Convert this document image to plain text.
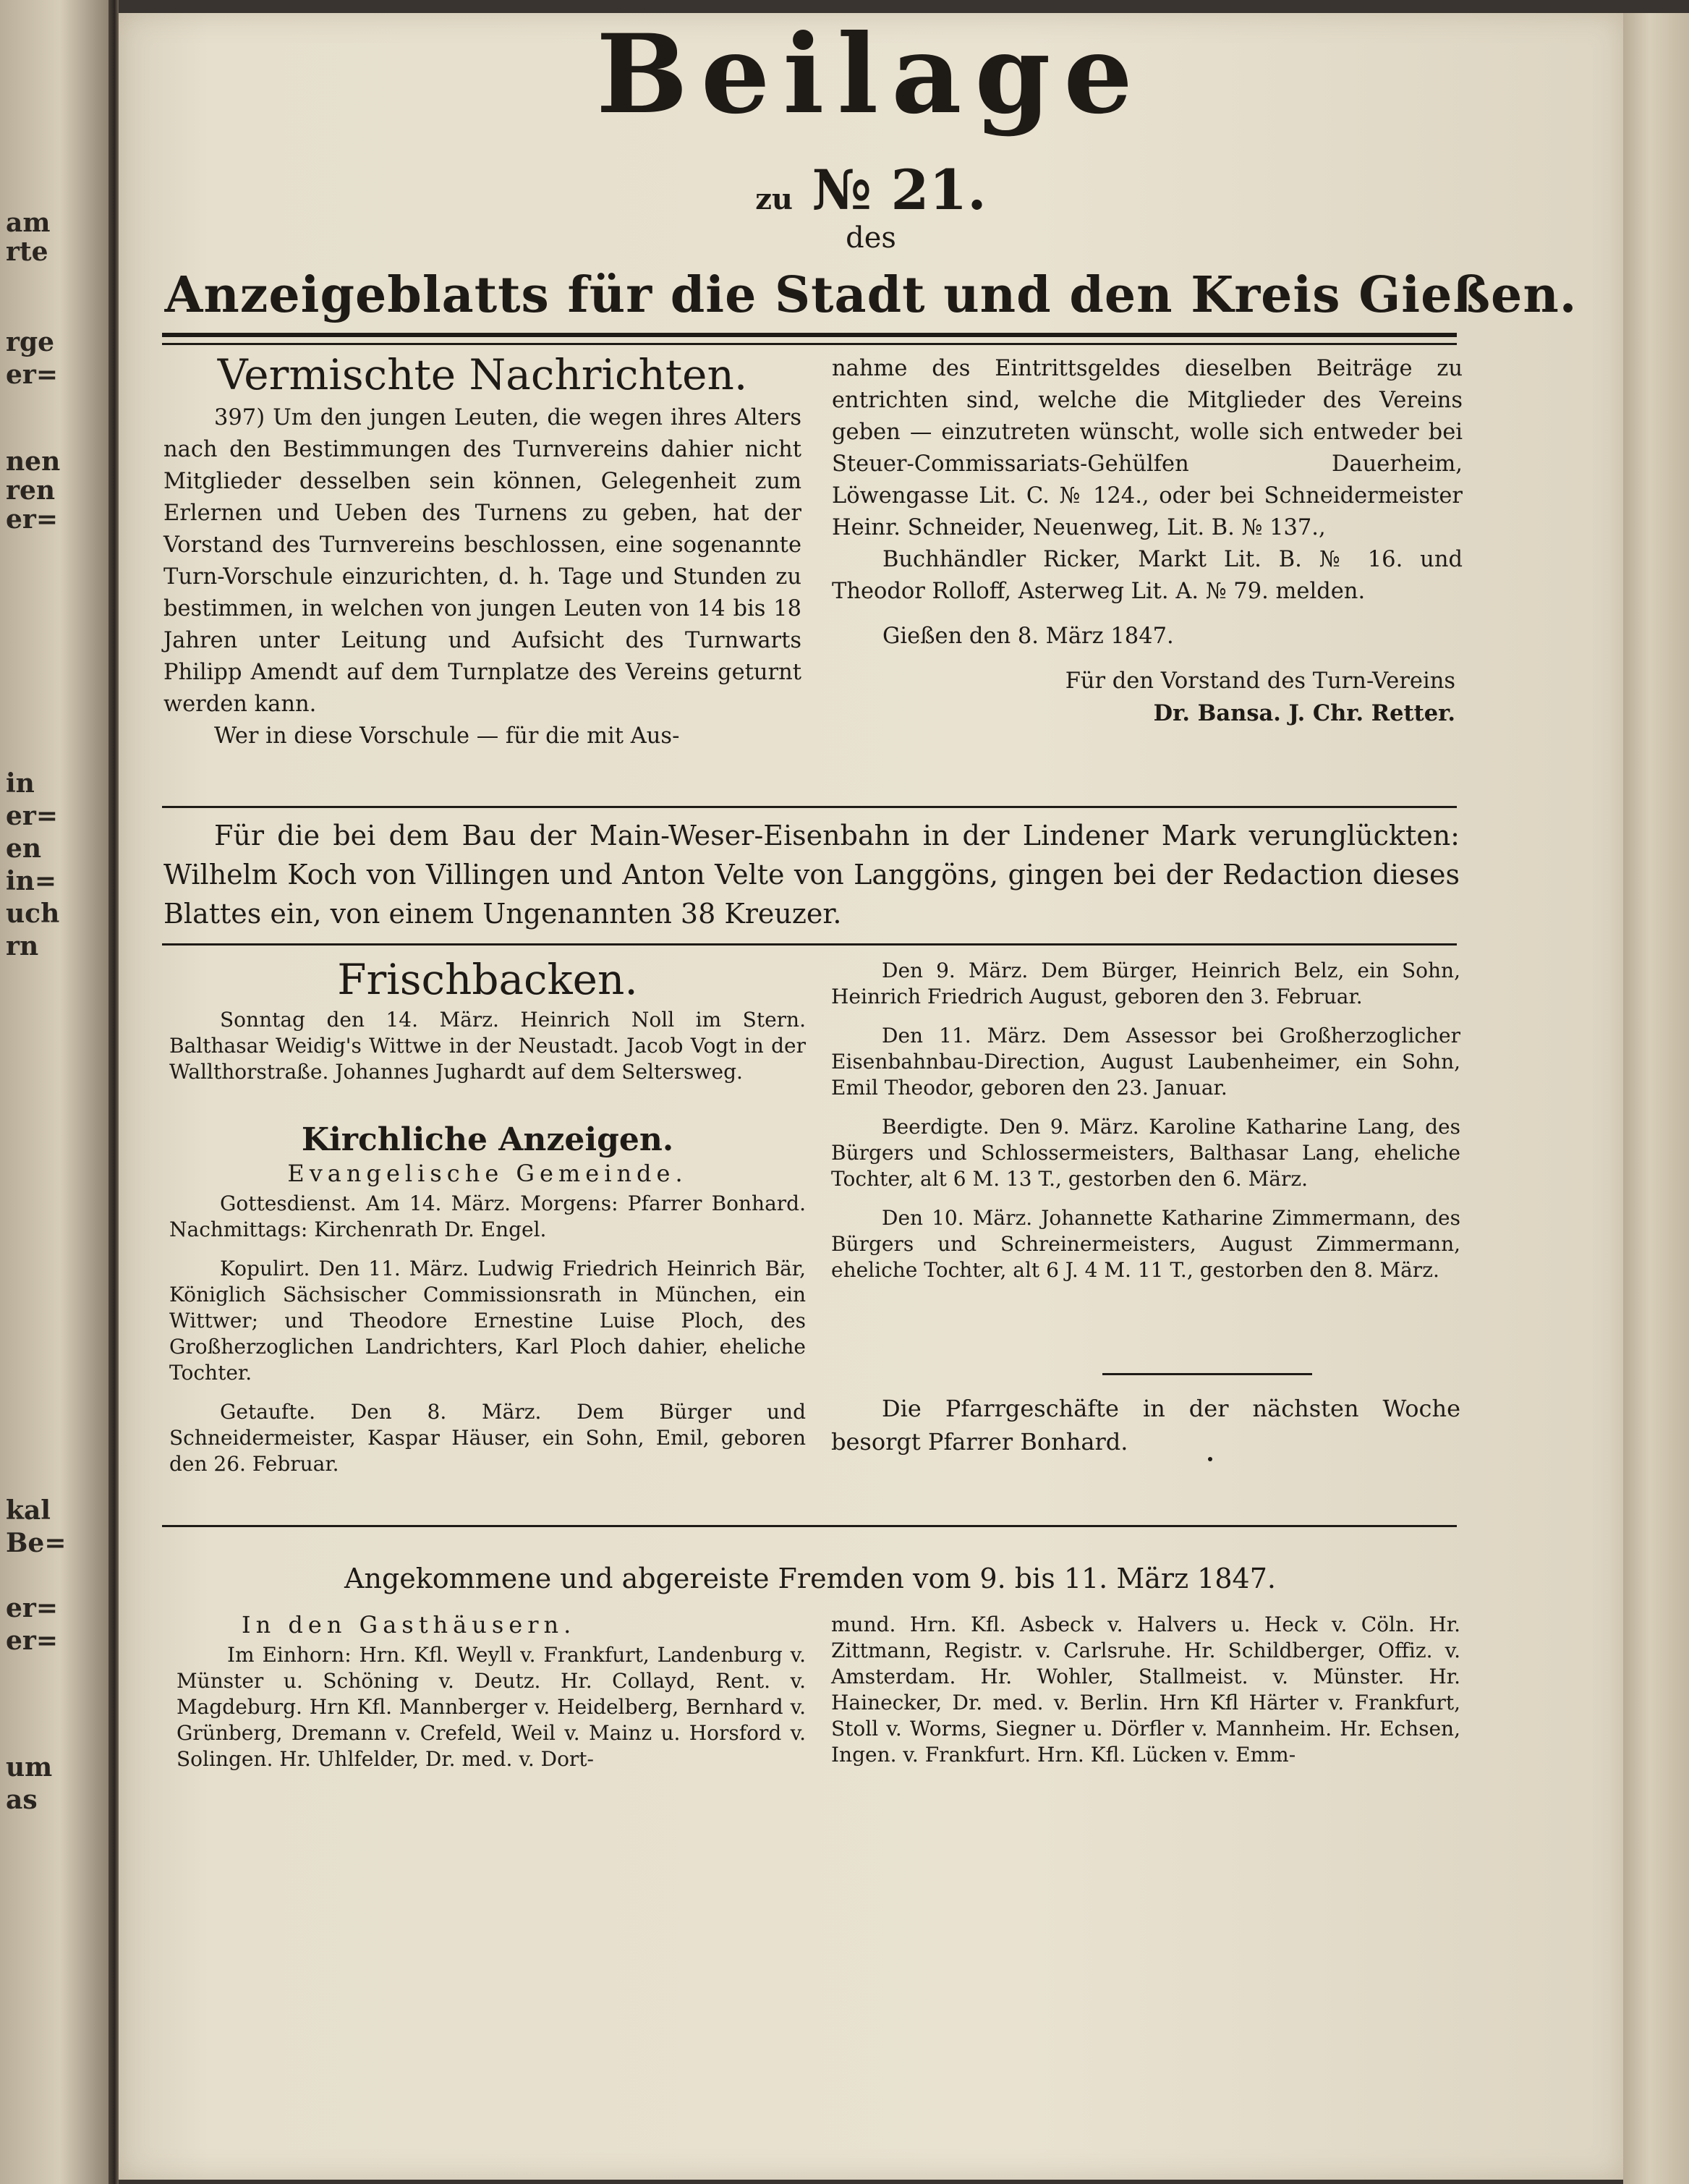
am
rte
rge
er=
nen
ren
er=
in
er=
en
in=
uch
rn
kal
Be=
er=
er=
um
as
Beilage
zu № 21.
des
Anzeigeblatts für die Stadt und den Kreis Gießen.
Vermischte Nachrichten.

397) Um den jungen Leuten, die wegen ihres Alters nach den Bestimmungen des Turnvereins dahier nicht Mitglieder desselben sein können, Gelegenheit zum Erlernen und Ueben des Turnens zu geben, hat der Vorstand des Turnvereins beschlossen, eine sogenannte Turn-Vorschule einzurichten, d. h. Tage und Stunden zu bestimmen, in welchen von jungen Leuten von 14 bis 18 Jahren unter Leitung und Aufsicht des Turnwarts Philipp Amendt auf dem Turnplatze des Vereins geturnt werden kann.

Wer in diese Vorschule — für die mit Aus-

nahme des Eintrittsgeldes dieselben Beiträge zu entrichten sind, welche die Mitglieder des Vereins geben — einzutreten wünscht, wolle sich entweder bei Steuer-Commissariats-Gehülfen Dauerheim, Löwengasse Lit. C. № 124., oder bei Schneidermeister Heinr. Schneider, Neuenweg, Lit. B. № 137.,

Buchhändler Ricker, Markt Lit. B. № 16. und Theodor Rolloff, Asterweg Lit. A. № 79. melden.

Gießen den 8. März 1847.

Für den Vorstand des Turn-Vereins

Dr. Bansa. J. Chr. Retter.

Für die bei dem Bau der Main-Weser-Eisenbahn in der Lindener Mark verunglückten: Wilhelm Koch von Villingen und Anton Velte von Langgöns, gingen bei der Redaction dieses Blattes ein, von einem Ungenannten 38 Kreuzer.

Frischbacken.

Sonntag den 14. März. Heinrich Noll im Stern. Balthasar Weidig's Wittwe in der Neustadt. Jacob Vogt in der Wallthorstraße. Johannes Jughardt auf dem Seltersweg.

Kirchliche Anzeigen.
Evangelische Gemeinde.

Gottesdienst. Am 14. März. Morgens: Pfarrer Bonhard. Nachmittags: Kirchenrath Dr. Engel.

Kopulirt. Den 11. März. Ludwig Friedrich Heinrich Bär, Königlich Sächsischer Commissionsrath in München, ein Wittwer; und Theodore Ernestine Luise Ploch, des Großherzoglichen Landrichters, Karl Ploch dahier, eheliche Tochter.

Getaufte. Den 8. März. Dem Bürger und Schneidermeister, Kaspar Häuser, ein Sohn, Emil, geboren den 26. Februar.

Den 9. März. Dem Bürger, Heinrich Belz, ein Sohn, Heinrich Friedrich August, geboren den 3. Februar.

Den 11. März. Dem Assessor bei Großherzoglicher Eisenbahnbau-Direction, August Laubenheimer, ein Sohn, Emil Theodor, geboren den 23. Januar.

Beerdigte. Den 9. März. Karoline Katharine Lang, des Bürgers und Schlossermeisters, Balthasar Lang, eheliche Tochter, alt 6 M. 13 T., gestorben den 6. März.

Den 10. März. Johannette Katharine Zimmermann, des Bürgers und Schreinermeisters, August Zimmermann, eheliche Tochter, alt 6 J. 4 M. 11 T., gestorben den 8. März.

Die Pfarrgeschäfte in der nächsten Woche besorgt Pfarrer Bonhard.

Angekommene und abgereiste Fremden vom 9. bis 11. März 1847.
In den Gasthäusern.

Im Einhorn: Hrn. Kfl. Weyll v. Frankfurt, Landenburg v. Münster u. Schöning v. Deutz. Hr. Collayd, Rent. v. Magdeburg. Hrn Kfl. Mannberger v. Heidelberg, Bernhard v. Grünberg, Dremann v. Crefeld, Weil v. Mainz u. Horsford v. Solingen. Hr. Uhlfelder, Dr. med. v. Dort-

mund. Hrn. Kfl. Asbeck v. Halvers u. Heck v. Cöln. Hr. Zittmann, Registr. v. Carlsruhe. Hr. Schildberger, Offiz. v. Amsterdam. Hr. Wohler, Stallmeist. v. Münster. Hr. Hainecker, Dr. med. v. Berlin. Hrn Kfl Härter v. Frankfurt, Stoll v. Worms, Siegner u. Dörfler v. Mannheim. Hr. Echsen, Ingen. v. Frankfurt. Hrn. Kfl. Lücken v. Emm-
